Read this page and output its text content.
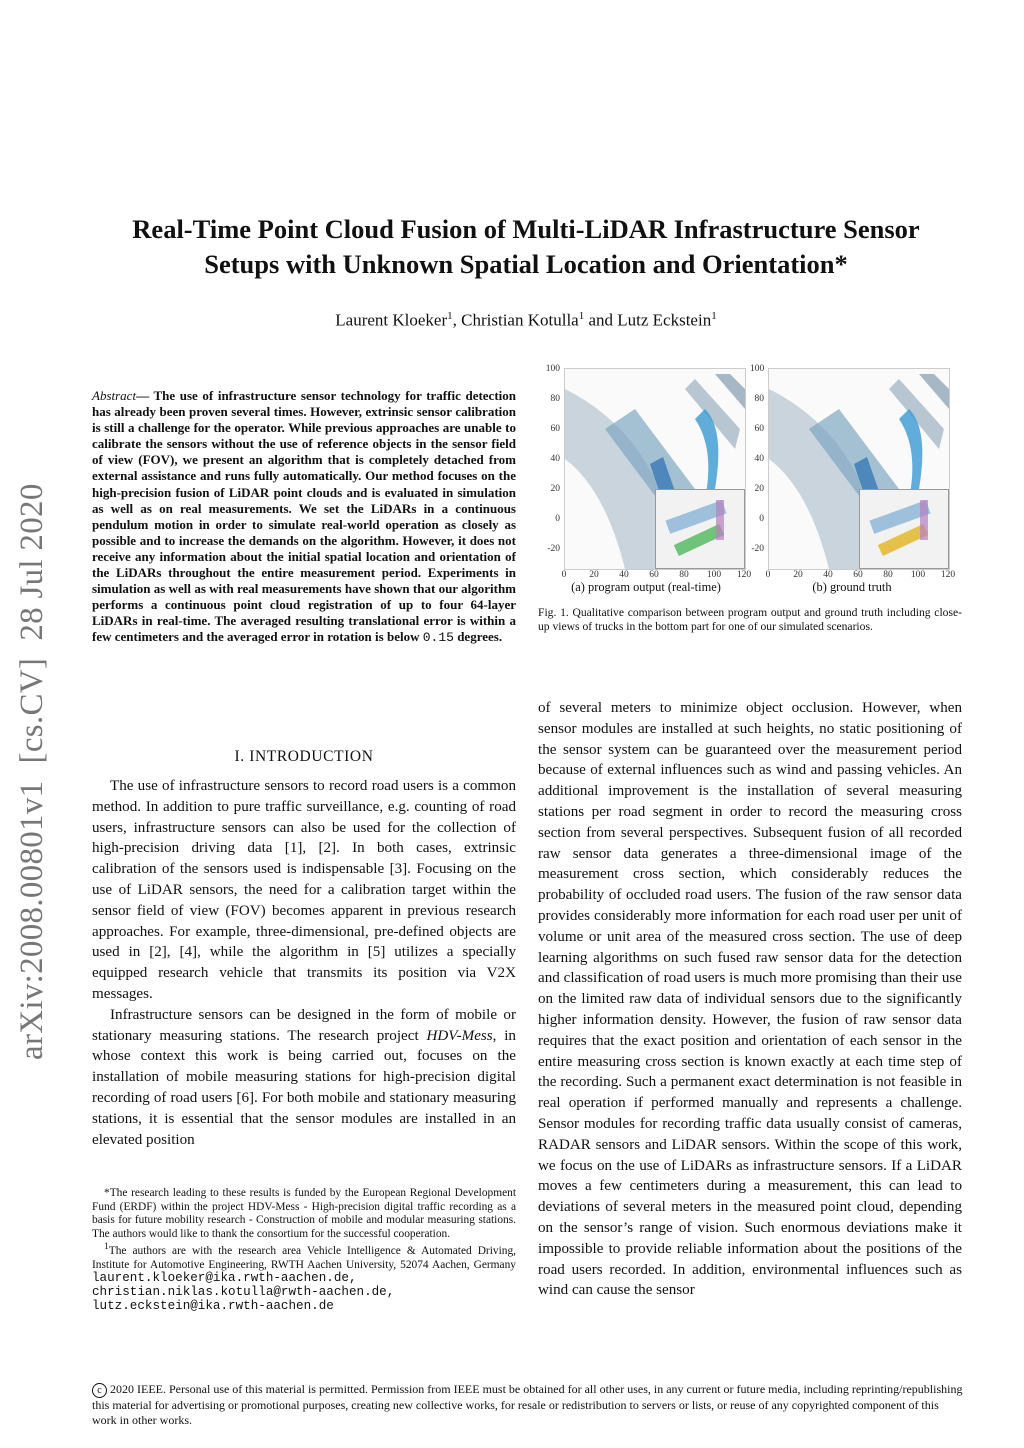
Real-Time Point Cloud Fusion of Multi-LiDAR Infrastructure Sensor Setups with Unknown Spatial Location and Orientation*
Laurent Kloeker$^1$, Christian Kotulla$^1$ and Lutz Eckstein$^1$
arXiv:2008.00801v1  [cs.CV]  28 Jul 2020
Abstract— The use of infrastructure sensor technology for traffic detection has already been proven several times. However, extrinsic sensor calibration is still a challenge for the operator. While previous approaches are unable to calibrate the sensors without the use of reference objects in the sensor field of view (FOV), we present an algorithm that is completely detached from external assistance and runs fully automatically. Our method focuses on the high-precision fusion of LiDAR point clouds and is evaluated in simulation as well as on real measurements. We set the LiDARs in a continuous pendulum motion in order to simulate real-world operation as closely as possible and to increase the demands on the algorithm. However, it does not receive any information about the initial spatial location and orientation of the LiDARs throughout the entire measurement period. Experiments in simulation as well as with real measurements have shown that our algorithm performs a continuous point cloud registration of up to four 64-layer LiDARs in real-time. The averaged resulting translational error is within a few centimeters and the averaged error in rotation is below 0.15 degrees.
I. INTRODUCTION

The use of infrastructure sensors to record road users is a common method. In addition to pure traffic surveillance, e.g. counting of road users, infrastructure sensors can also be used for the collection of high-precision driving data [1], [2]. In both cases, extrinsic calibration of the sensors used is indispensable [3]. Focusing on the use of LiDAR sensors, the need for a calibration target within the sensor field of view (FOV) becomes apparent in previous research approaches. For example, three-dimensional, pre-defined objects are used in [2], [4], while the algorithm in [5] utilizes a specially equipped research vehicle that transmits its position via V2X messages.

Infrastructure sensors can be designed in the form of mobile or stationary measuring stations. The research project HDV-Mess, in whose context this work is being carried out, focuses on the installation of mobile measuring stations for high-precision digital recording of road users [6]. For both mobile and stationary measuring stations, it is essential that the sensor modules are installed in an elevated position

*The research leading to these results is funded by the European Regional Development Fund (ERDF) within the project HDV-Mess - High-precision digital traffic recording as a basis for future mobility research - Construction of mobile and modular measuring stations. The authors would like to thank the consortium for the successful cooperation.

$^1$The authors are with the research area Vehicle Intelligence & Automated Driving, Institute for Automotive Engineering, RWTH Aachen University, 52074 Aachen, Germany laurent.kloeker@ika.rwth-aachen.de,
christian.niklas.kotulla@rwth-aachen.de,
lutz.eckstein@ika.rwth-aachen.de

100
80
60
40
20
0
-20
0	20	40	60	80	100	120
100
80
60
40
20
0
-20
0	20	40	60	80	100	120
(a) program output (real-time)	(b) ground truth
Fig. 1. Qualitative comparison between program output and ground truth including close-up views of trucks in the bottom part for one of our simulated scenarios.

of several meters to minimize object occlusion. However, when sensor modules are installed at such heights, no static positioning of the sensor system can be guaranteed over the measurement period because of external influences such as wind and passing vehicles. An additional improvement is the installation of several measuring stations per road segment in order to record the measuring cross section from several perspectives. Subsequent fusion of all recorded raw sensor data generates a three-dimensional image of the measurement cross section, which considerably reduces the probability of occluded road users. The fusion of the raw sensor data provides considerably more information for each road user per unit of volume or unit area of the measured cross section. The use of deep learning algorithms on such fused raw sensor data for the detection and classification of road users is much more promising than their use on the limited raw data of individual sensors due to the significantly higher information density. However, the fusion of raw sensor data requires that the exact position and orientation of each sensor in the entire measuring cross section is known exactly at each time step of the recording. Such a permanent exact determination is not feasible in real operation if performed manually and represents a challenge. Sensor modules for recording traffic data usually consist of cameras, RADAR sensors and LiDAR sensors. Within the scope of this work, we focus on the use of LiDARs as infrastructure sensors. If a LiDAR moves a few centimeters during a measurement, this can lead to deviations of several meters in the measured point cloud, depending on the sensor’s range of vision. Such enormous deviations make it impossible to provide reliable information about the positions of the road users recorded. In addition, environmental influences such as wind can cause the sensor

c 2020 IEEE. Personal use of this material is permitted. Permission from IEEE must be obtained for all other uses, in any current or future media, including reprinting/republishing this material for advertising or promotional purposes, creating new collective works, for resale or redistribution to servers or lists, or reuse of any copyrighted component of this work in other works.
